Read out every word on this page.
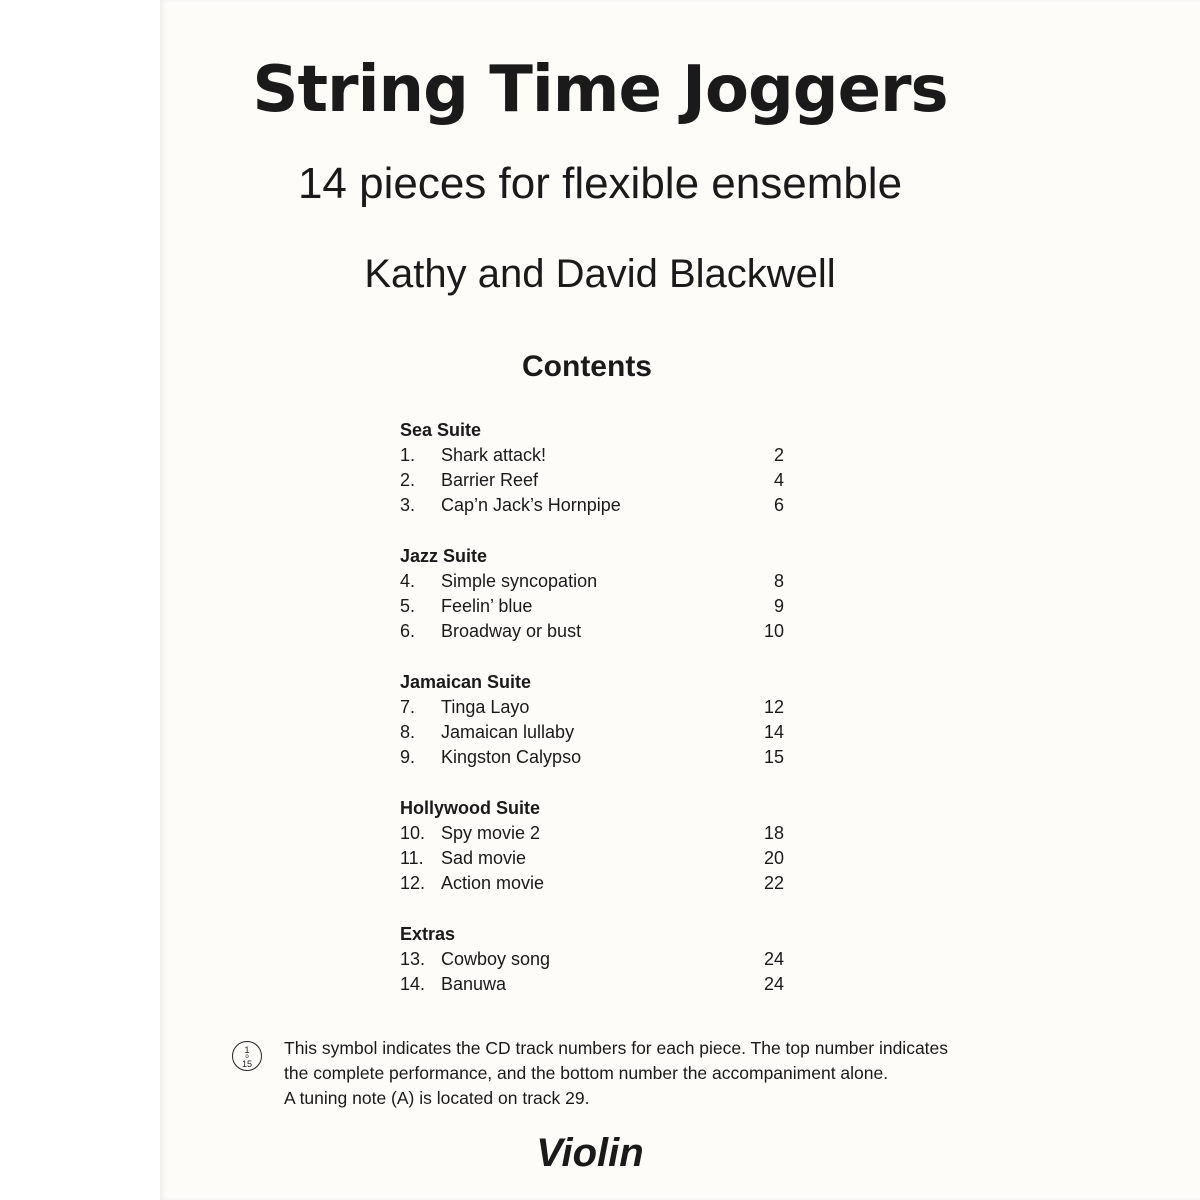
String Time Joggers
14 pieces for flexible ensemble
Kathy and David Blackwell
Contents
Sea Suite
1. Shark attack!	2
2. Barrier Reef	4
3. Cap’n Jack’s Hornpipe	6
Jazz Suite
4. Simple syncopation	8
5. Feelin’ blue	9
6. Broadway or bust	10
Jamaican Suite
7. Tinga Layo	12
8. Jamaican lullaby	14
9. Kingston Calypso	15
Hollywood Suite
10. Spy movie 2	18
11. Sad movie	20
12. Action movie	22
Extras
13. Cowboy song	24
14. Banuwa	24
1
o
15
This symbol indicates the CD track numbers for each piece. The top number indicates
the complete performance, and the bottom number the accompaniment alone.
A tuning note (A) is located on track 29.
Violin
